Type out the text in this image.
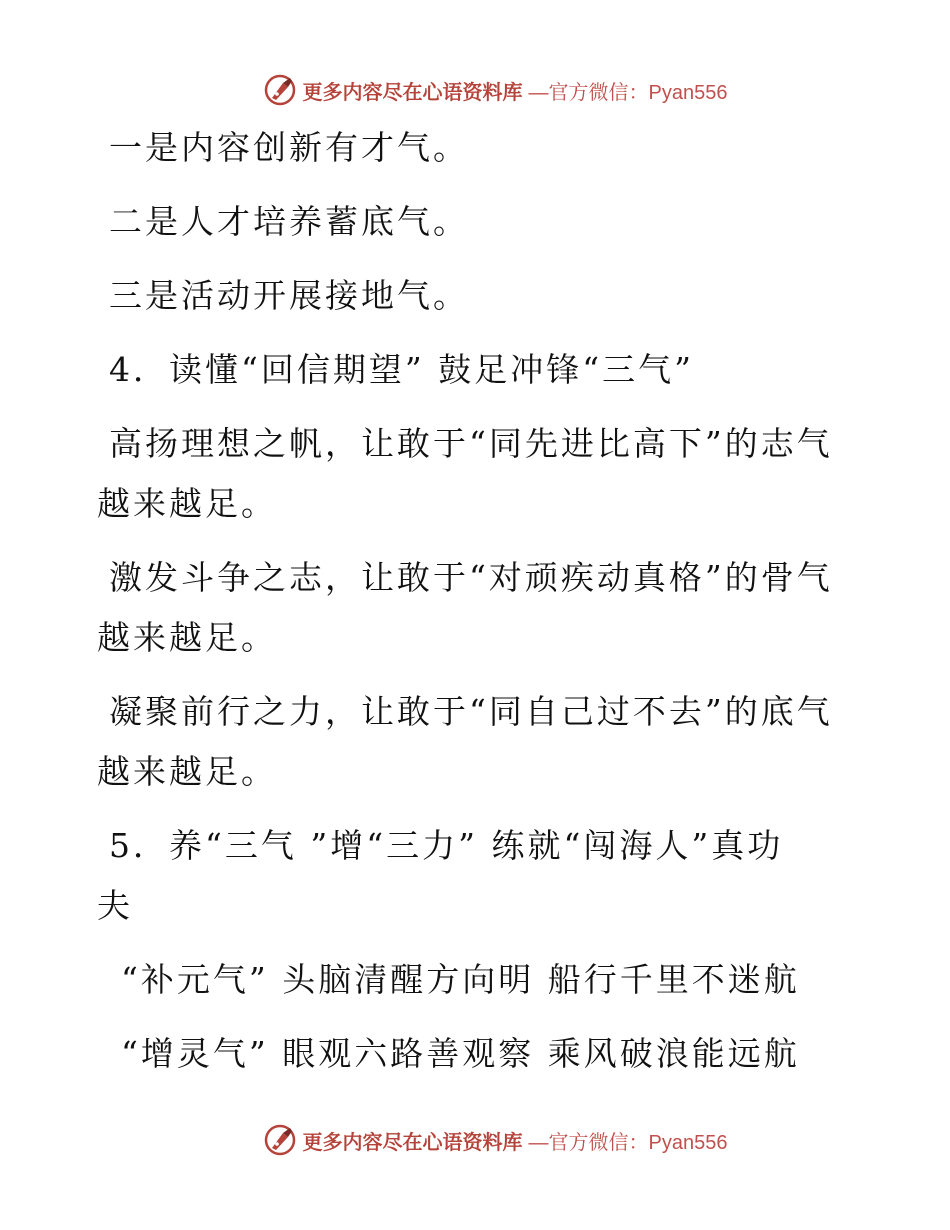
更多内容尽在心语资料库 —官方微信：Pyan556
一是内容创新有才气。
二是人才培养蓄底气。
三是活动开展接地气。
4．读懂“回信期望” 鼓足冲锋“三气”
高扬理想之帆，让敢于“同先进比高下”的志气
越来越足。
激发斗争之志，让敢于“对顽疾动真格”的骨气
越来越足。
凝聚前行之力，让敢于“同自己过不去”的底气
越来越足。
5．养“三气 ”增“三力” 练就“闯海人”真功
夫
“补元气” 头脑清醒方向明 船行千里不迷航
“增灵气” 眼观六路善观察 乘风破浪能远航
更多内容尽在心语资料库 —官方微信：Pyan556
